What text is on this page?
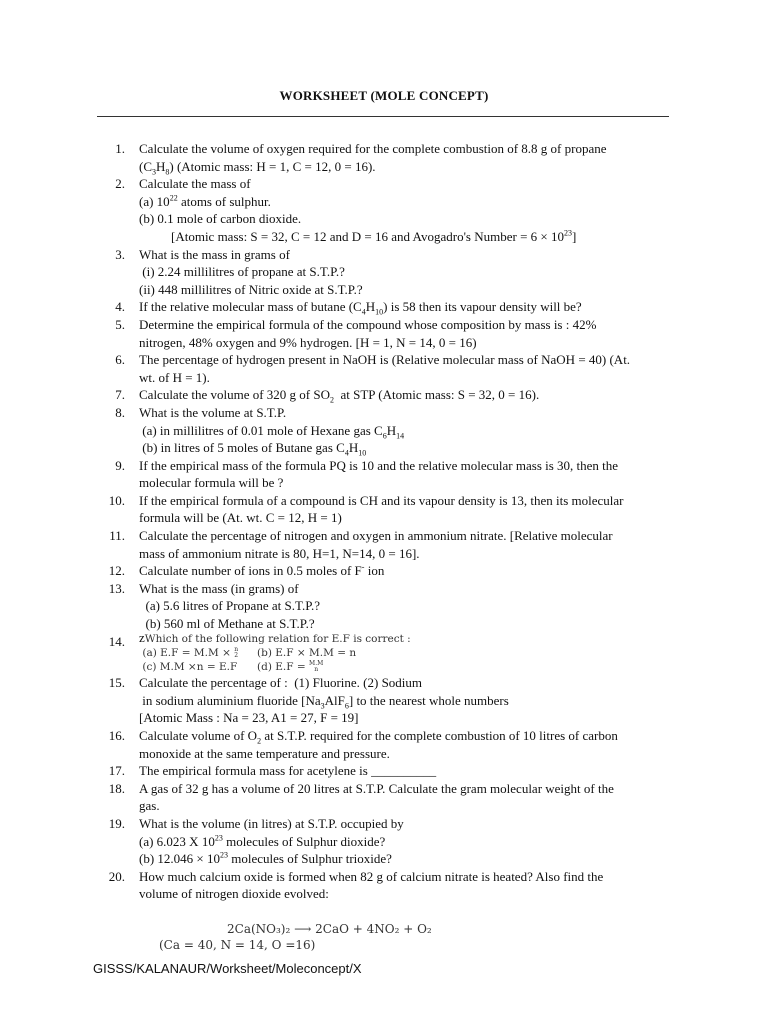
WORKSHEET (MOLE CONCEPT)
1. Calculate the volume of oxygen required for the complete combustion of 8.8 g of propane
$(C_3H_8)$ (Atomic mass: H = 1, C = 12, 0 = 16).
2. Calculate the mass of
(a) $10^{22}$ atoms of sulphur.
(b) 0.1 mole of carbon dioxide.
[Atomic mass: S = 32, C = 12 and D = 16 and Avogadro's Number = $6 \times 10^{23}$]
3. What is the mass in grams of
(i) 2.24 millilitres of propane at S.T.P.?
(ii) 448 millilitres of Nitric oxide at S.T.P.?
4. If the relative molecular mass of butane $(C_4H_{10})$ is 58 then its vapour density will be?
5. Determine the empirical formula of the compound whose composition by mass is : 42%
nitrogen, 48% oxygen and 9% hydrogen. [H = 1, N = 14, 0 = 16)
6. The percentage of hydrogen present in NaOH is (Relative molecular mass of NaOH = 40) (At.
wt. of H = 1).
7. Calculate the volume of 320 g of $SO_2$  at STP (Atomic mass: S = 32, 0 = 16).
8. What is the volume at S.T.P.
(a) in millilitres of 0.01 mole of Hexane gas $C_6H_{14}$
(b) in litres of 5 moles of Butane gas $C_4H_{10}$
9. If the empirical mass of the formula PQ is 10 and the relative molecular mass is 30, then the
molecular formula will be ?
10. If the empirical formula of a compound is CH and its vapour density is 13, then its molecular
formula will be (At. wt. C = 12, H = 1)
11. Calculate the percentage of nitrogen and oxygen in ammonium nitrate. [Relative molecular
mass of ammonium nitrate is 80, H=1, N=14, 0 = 16].
12. Calculate number of ions in 0.5 moles of F- ion
13. What is the mass (in grams) of
(a) 5.6 litres of Propane at S.T.P.?
(b) 560 ml of Methane at S.T.P.?
14. zWhich of the following relation for E.F is correct :
(a) E.F = M.M × n
2  (b) E.F × M.M = n
(c) M.M ×n = E.F  (d) E.F = M.M
n
15. Calculate the percentage of :  (1) Fluorine. (2) Sodium
in sodium aluminium fluoride $[Na_3AlF_6]$ to the nearest whole numbers
[Atomic Mass : Na = 23, A1 = 27, F = 19]
16. Calculate volume of $O_2$ at S.T.P. required for the complete combustion of 10 litres of carbon
monoxide at the same temperature and pressure.
17. The empirical formula mass for acetylene is __________
18. A gas of 32 g has a volume of 20 litres at S.T.P. Calculate the gram molecular weight of the
gas.
19. What is the volume (in litres) at S.T.P. occupied by
(a) 6.023 X $10^{23}$ molecules of Sulphur dioxide?
(b) $12.046 \times 10^{23}$ molecules of Sulphur trioxide?
20. How much calcium oxide is formed when 82 g of calcium nitrate is heated? Also find the
volume of nitrogen dioxide evolved:
2Ca(NO₃)₂ ⟶ 2CaO + 4NO₂ + O₂
(Ca = 40, N = 14, O =16)
GISSS/KALANAUR/Worksheet/Moleconcept/X
